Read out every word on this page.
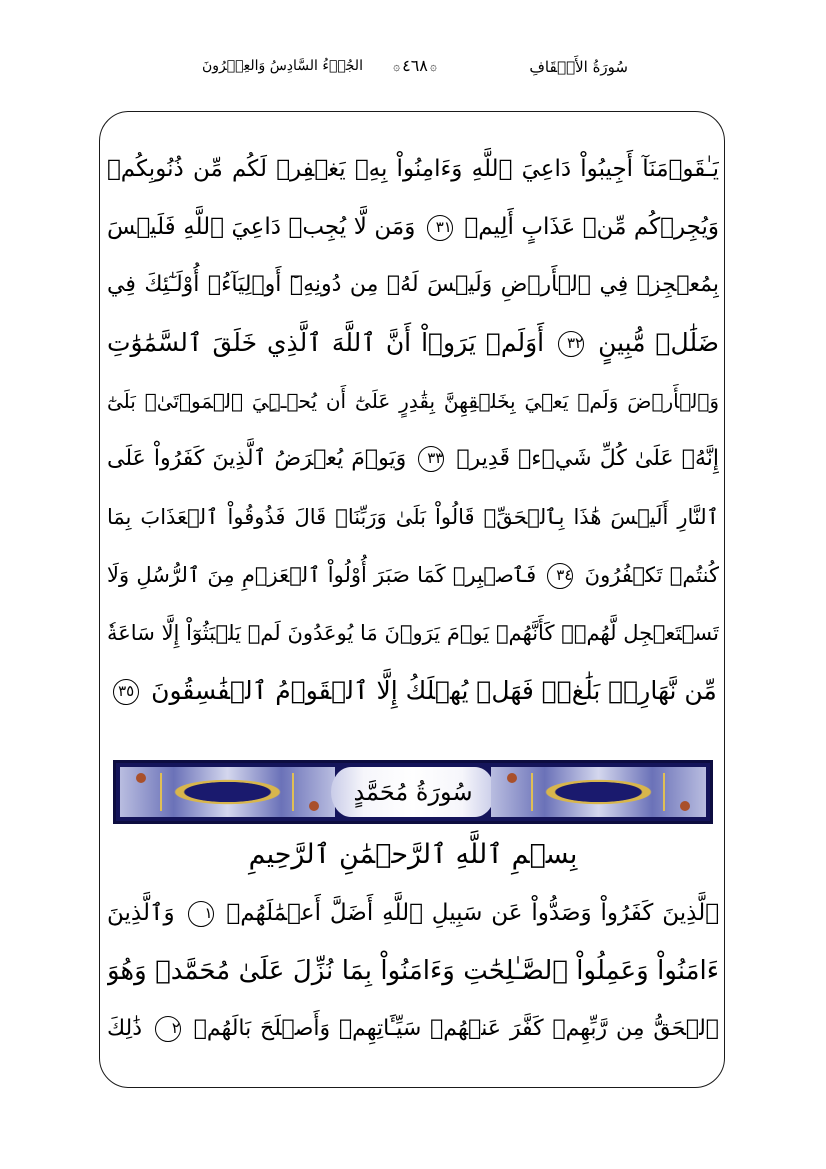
سُورَةُ الأَحۡقَافِ
۞
٤٦٨
۞
الجُزۡءُ السَّادِسُ وَالعِشۡرُونَ
يَـٰقَوۡمَنَآ أَجِيبُواْ دَاعِيَ ٱللَّهِ وَءَامِنُواْ بِهِۦ يَغۡفِرۡ لَكُم مِّن ذُنُوبِكُمۡ
وَيُجِرۡكُم مِّنۡ عَذَابٍ أَلِيمٖ ٣١ وَمَن لَّا يُجِبۡ دَاعِيَ ٱللَّهِ فَلَيۡسَ
بِمُعۡجِزٖ فِي ٱلۡأَرۡضِ وَلَيۡسَ لَهُۥ مِن دُونِهِۦٓ أَوۡلِيَآءُۚ أُوْلَـٰٓئِكَ فِي
ضَلَٰلٖ مُّبِينٍ ٣٢ أَوَلَمۡ يَرَوۡاْ أَنَّ ٱللَّهَ ٱلَّذِي خَلَقَ ٱلسَّمَٰوَٰتِ
وَٱلۡأَرۡضَ وَلَمۡ يَعۡيَ بِخَلۡقِهِنَّ بِقَٰدِرٍ عَلَىٰٓ أَن يُحۡـِۧيَ ٱلۡمَوۡتَىٰۚ بَلَىٰٓ
إِنَّهُۥ عَلَىٰ كُلِّ شَيۡءٖ قَدِيرٞ ٣٣ وَيَوۡمَ يُعۡرَضُ ٱلَّذِينَ كَفَرُواْ عَلَى
ٱلنَّارِ أَلَيۡسَ هَٰذَا بِٱلۡحَقِّۖ قَالُواْ بَلَىٰ وَرَبِّنَاۚ قَالَ فَذُوقُواْ ٱلۡعَذَابَ بِمَا
كُنتُمۡ تَكۡفُرُونَ ٣٤ فَٱصۡبِرۡ كَمَا صَبَرَ أُوْلُواْ ٱلۡعَزۡمِ مِنَ ٱلرُّسُلِ وَلَا
تَسۡتَعۡجِل لَّهُمۡۚ كَأَنَّهُمۡ يَوۡمَ يَرَوۡنَ مَا يُوعَدُونَ لَمۡ يَلۡبَثُوٓاْ إِلَّا سَاعَةٗ
مِّن نَّهَارِۭۚ بَلَٰغٞۚ فَهَلۡ يُهۡلَكُ إِلَّا ٱلۡقَوۡمُ ٱلۡفَٰسِقُونَ ٣٥
سُورَةُ مُحَمَّدٍ
بِسۡمِ ٱللَّهِ ٱلرَّحۡمَٰنِ ٱلرَّحِيمِ
ٱلَّذِينَ كَفَرُواْ وَصَدُّواْ عَن سَبِيلِ ٱللَّهِ أَضَلَّ أَعۡمَٰلَهُمۡ ١ وَٱلَّذِينَ
ءَامَنُواْ وَعَمِلُواْ ٱلصَّـٰلِحَٰتِ وَءَامَنُواْ بِمَا نُزِّلَ عَلَىٰ مُحَمَّدٖ وَهُوَ
ٱلۡحَقُّ مِن رَّبِّهِمۡ كَفَّرَ عَنۡهُمۡ سَيِّـَٔاتِهِمۡ وَأَصۡلَحَ بَالَهُمۡ ٢ ذَٰلِكَ
